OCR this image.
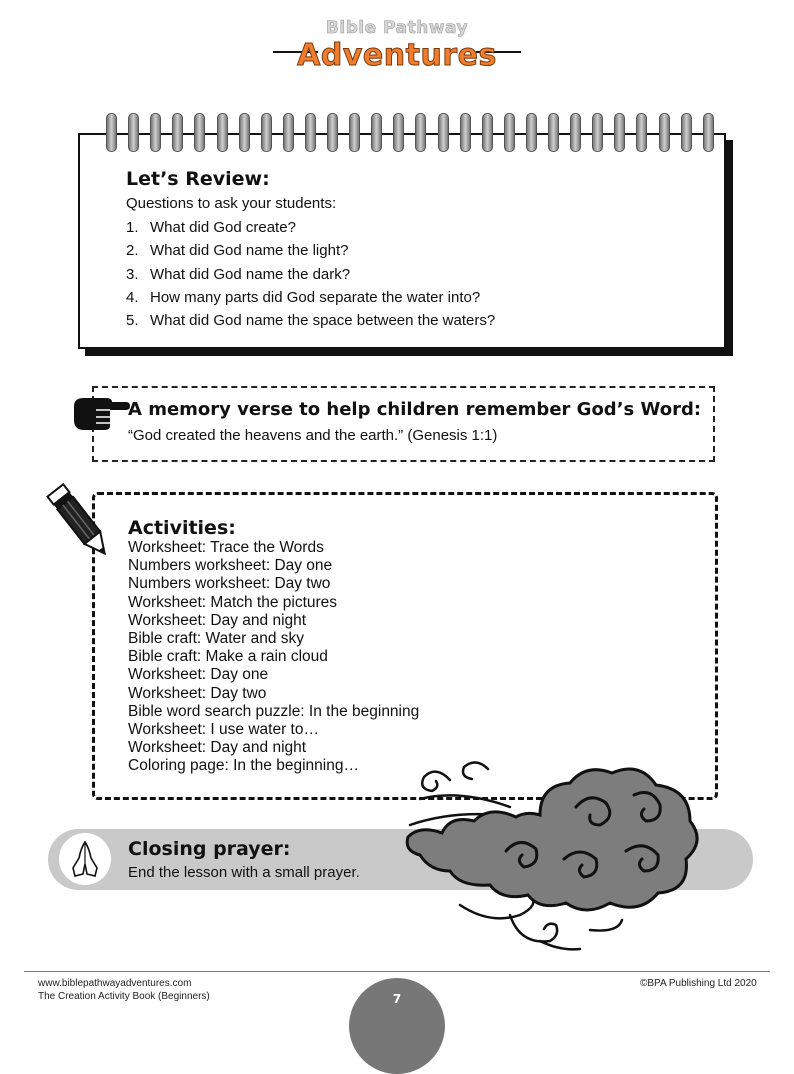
Bible Pathway
Adventures
Let’s Review:
Questions to ask your students:
1. What did God create?
2. What did God name the light?
3. What did God name the dark?
4. How many parts did God separate the water into?
5. What did God name the space between the waters?
A memory verse to help children remember God’s Word:
“God created the heavens and the earth.” (Genesis 1:1)
Activities:
Worksheet: Trace the Words
Numbers worksheet: Day one
Numbers worksheet: Day two
Worksheet: Match the pictures
Worksheet: Day and night
Bible craft: Water and sky
Bible craft: Make a rain cloud
Worksheet: Day one
Worksheet: Day two
Bible word search puzzle: In the beginning
Worksheet: I use water to…
Worksheet: Day and night
Coloring page: In the beginning…
Closing prayer:
End the lesson with a small prayer.
www.biblepathwayadventures.com
The Creation Activity Book (Beginners)
©BPA Publishing Ltd 2020
7
